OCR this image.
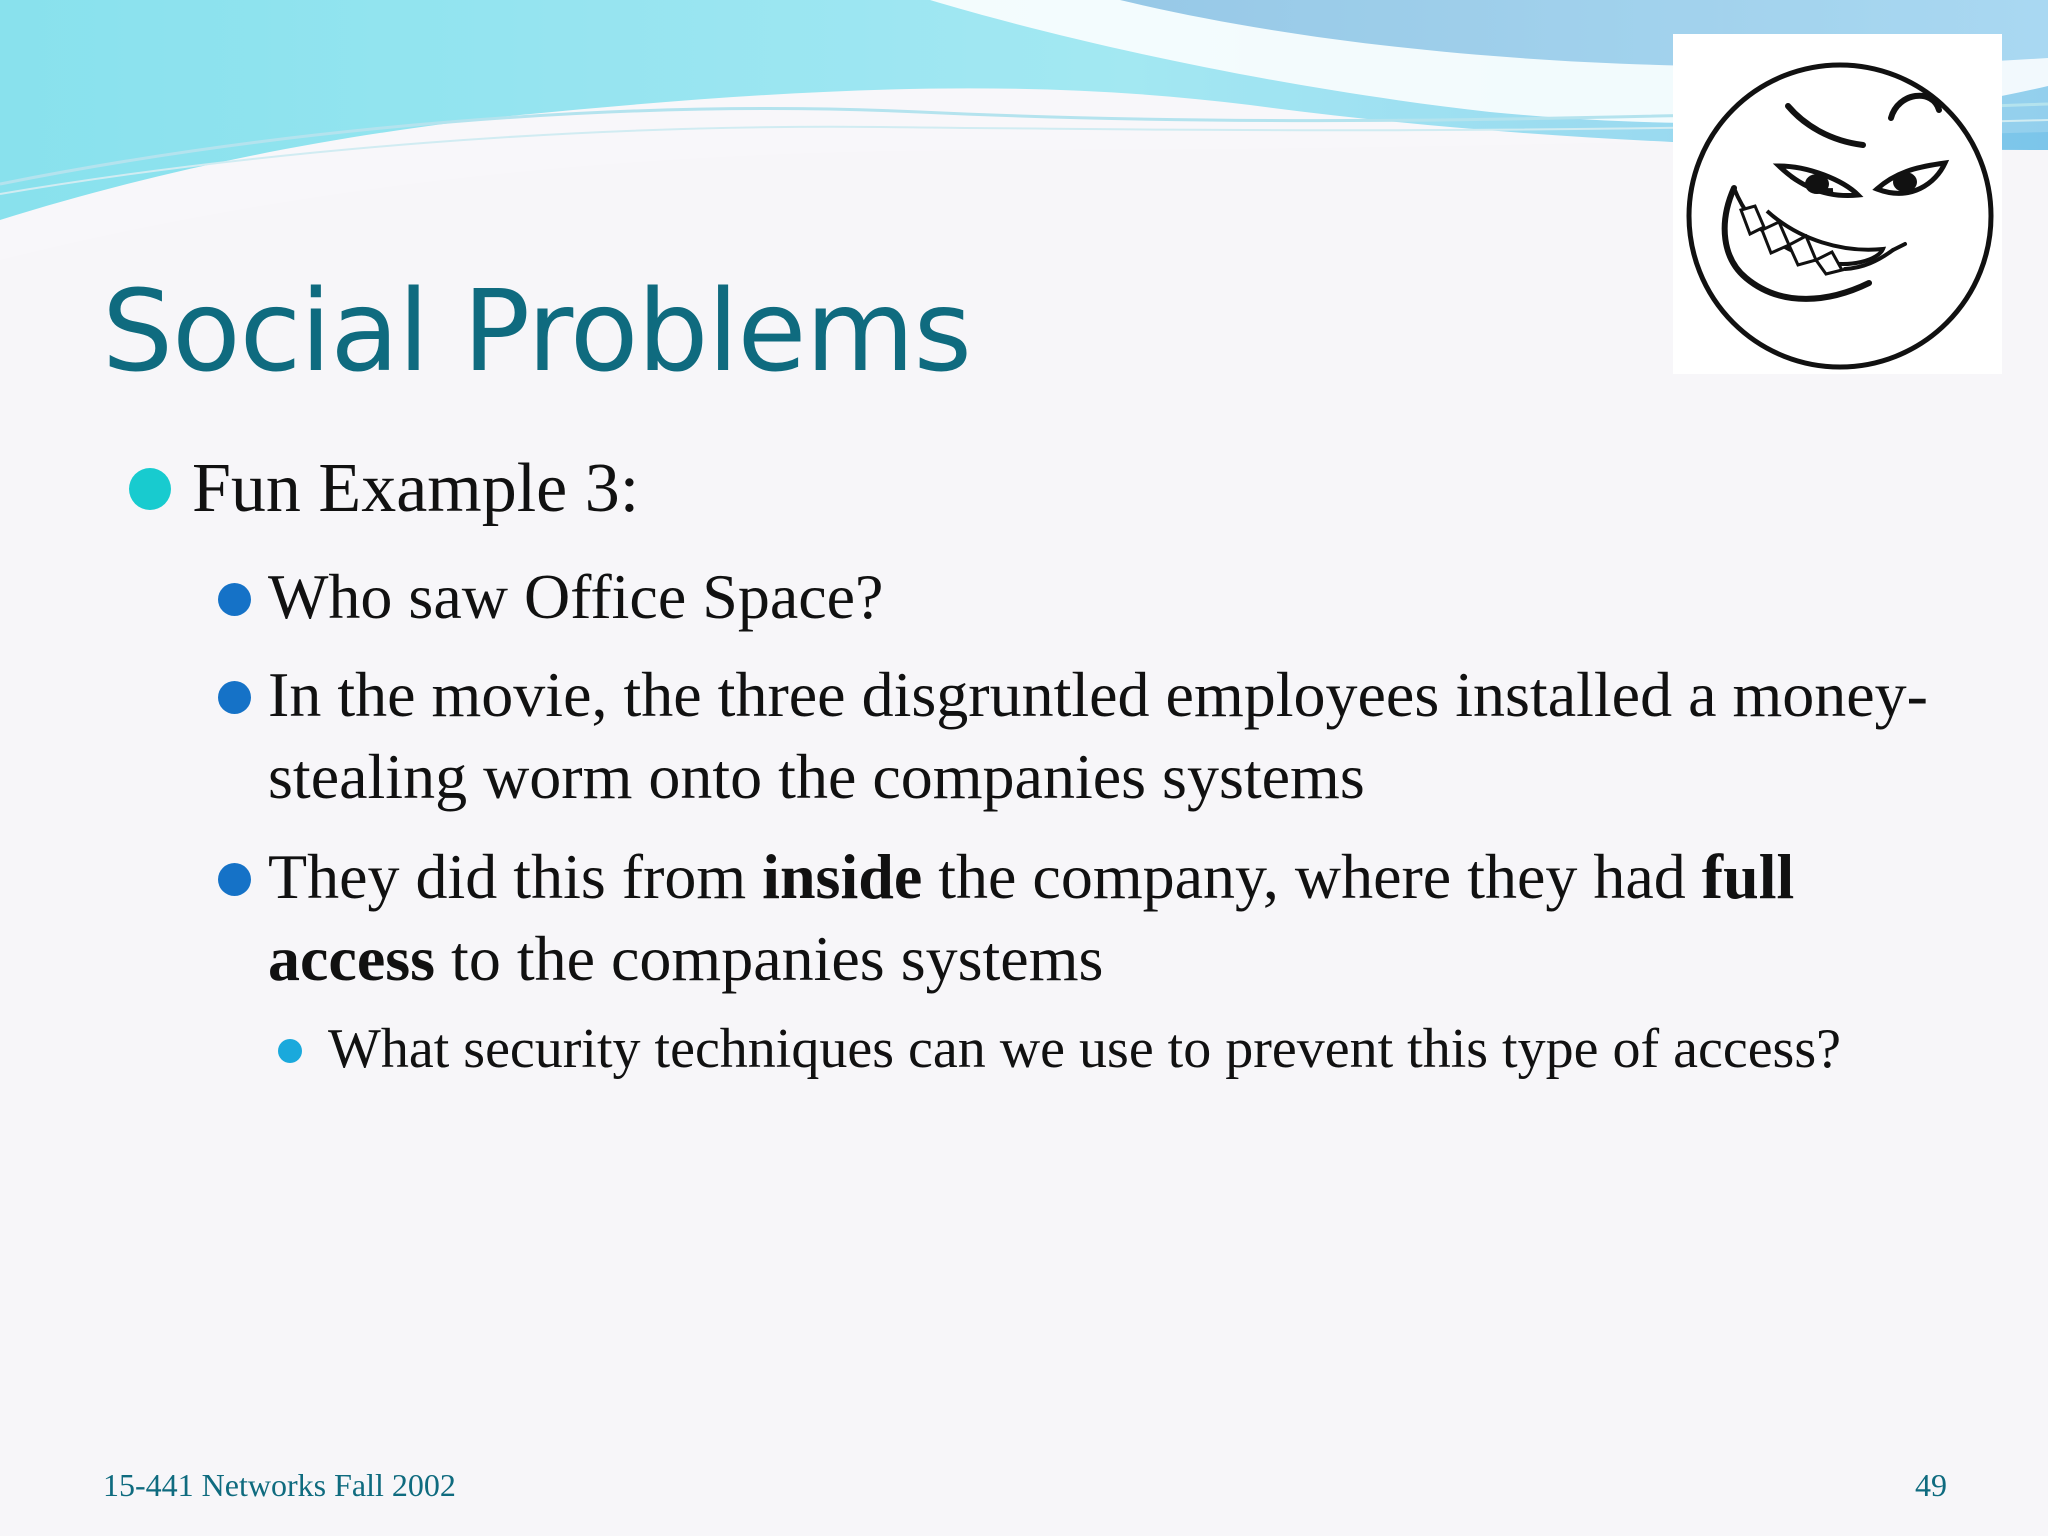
Social Problems
Fun Example 3:
Who saw Office Space?
In the movie, the three disgruntled employees installed a money-stealing worm onto the companies systems
They did this from inside the company, where they had full access to the companies systems
What security techniques can we use to prevent this type of access?
15-441 Networks Fall 2002	49
